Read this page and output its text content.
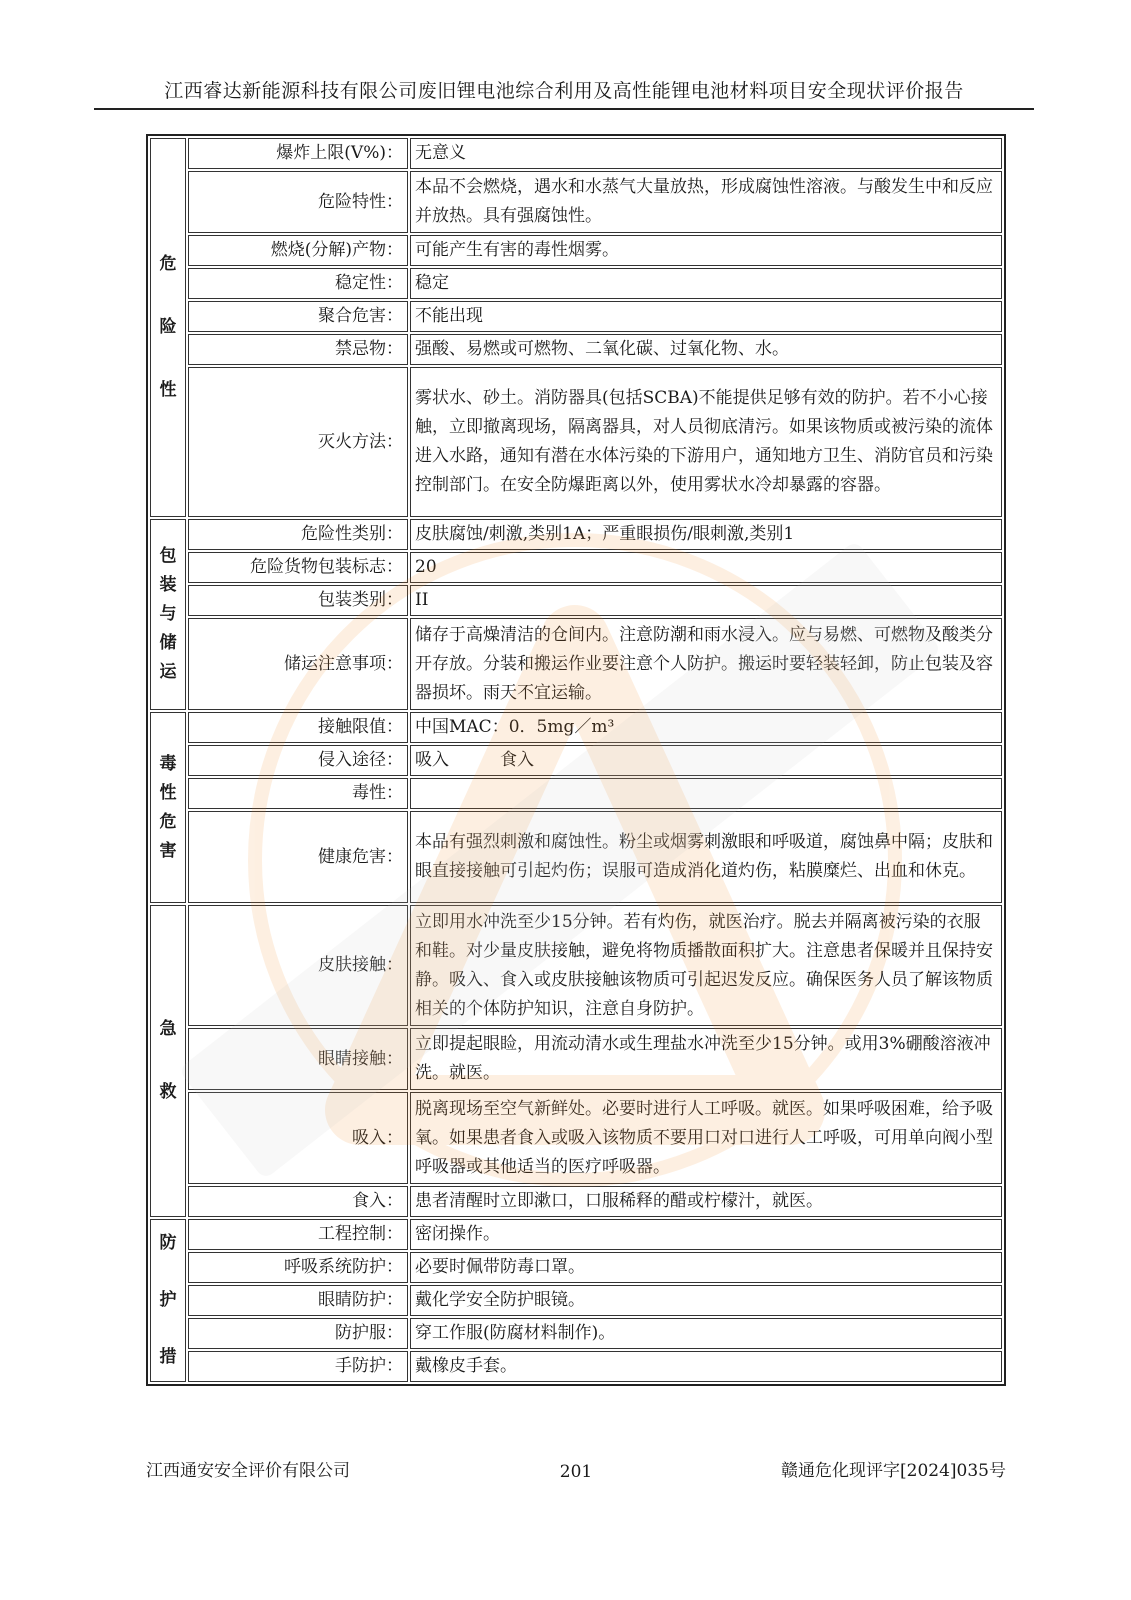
江西睿达新能源科技有限公司废旧锂电池综合利用及高性能锂电池材料项目安全现状评价报告
危
险
性	爆炸上限(V%)：	无意义
	危险特性：	本品不会燃烧，遇水和水蒸气大量放热，形成腐蚀性溶液。与酸发生中和反应并放热。具有强腐蚀性。
	燃烧(分解)产物：	可能产生有害的毒性烟雾。
	稳定性：	稳定
	聚合危害：	不能出现
	禁忌物：	强酸、易燃或可燃物、二氧化碳、过氧化物、水。
	灭火方法：	雾状水、砂土。消防器具(包括SCBA)不能提供足够有效的防护。若不小心接触，立即撤离现场，隔离器具，对人员彻底清污。如果该物质或被污染的流体进入水路，通知有潜在水体污染的下游用户，通知地方卫生、消防官员和污染控制部门。在安全防爆距离以外，使用雾状水冷却暴露的容器。

包
装
与
储
运	危险性类别：	皮肤腐蚀/刺激,类别1A；严重眼损伤/眼刺激,类别1
	危险货物包装标志：	20
	包装类别：	II
	储运注意事项：	储存于高燥清洁的仓间内。注意防潮和雨水浸入。应与易燃、可燃物及酸类分开存放。分装和搬运作业要注意个人防护。搬运时要轻装轻卸，防止包装及容器损坏。雨天不宜运输。

毒
性
危
害	接触限值：	中国MAC：0．5mg／m³
	侵入途径：	吸入　　　食入
	毒性：	
	健康危害：	本品有强烈刺激和腐蚀性。粉尘或烟雾刺激眼和呼吸道，腐蚀鼻中隔；皮肤和眼直接接触可引起灼伤；误服可造成消化道灼伤，粘膜糜烂、出血和休克。

急
救	皮肤接触：	立即用水冲洗至少15分钟。若有灼伤，就医治疗。脱去并隔离被污染的衣服和鞋。对少量皮肤接触，避免将物质播散面积扩大。注意患者保暖并且保持安静。吸入、食入或皮肤接触该物质可引起迟发反应。确保医务人员了解该物质相关的个体防护知识，注意自身防护。
	眼睛接触：	立即提起眼睑，用流动清水或生理盐水冲洗至少15分钟。或用3%硼酸溶液冲洗。就医。
	吸入：	脱离现场至空气新鲜处。必要时进行人工呼吸。就医。如果呼吸困难，给予吸氧。如果患者食入或吸入该物质不要用口对口进行人工呼吸，可用单向阀小型呼吸器或其他适当的医疗呼吸器。
	食入：	患者清醒时立即漱口，口服稀释的醋或柠檬汁，就医。

防
护
措	工程控制：	密闭操作。
	呼吸系统防护：	必要时佩带防毒口罩。
	眼睛防护：	戴化学安全防护眼镜。
	防护服：	穿工作服(防腐材料制作)。
	手防护：	戴橡皮手套。
江西通安安全评价有限公司	201	赣通危化现评字[2024]035号
